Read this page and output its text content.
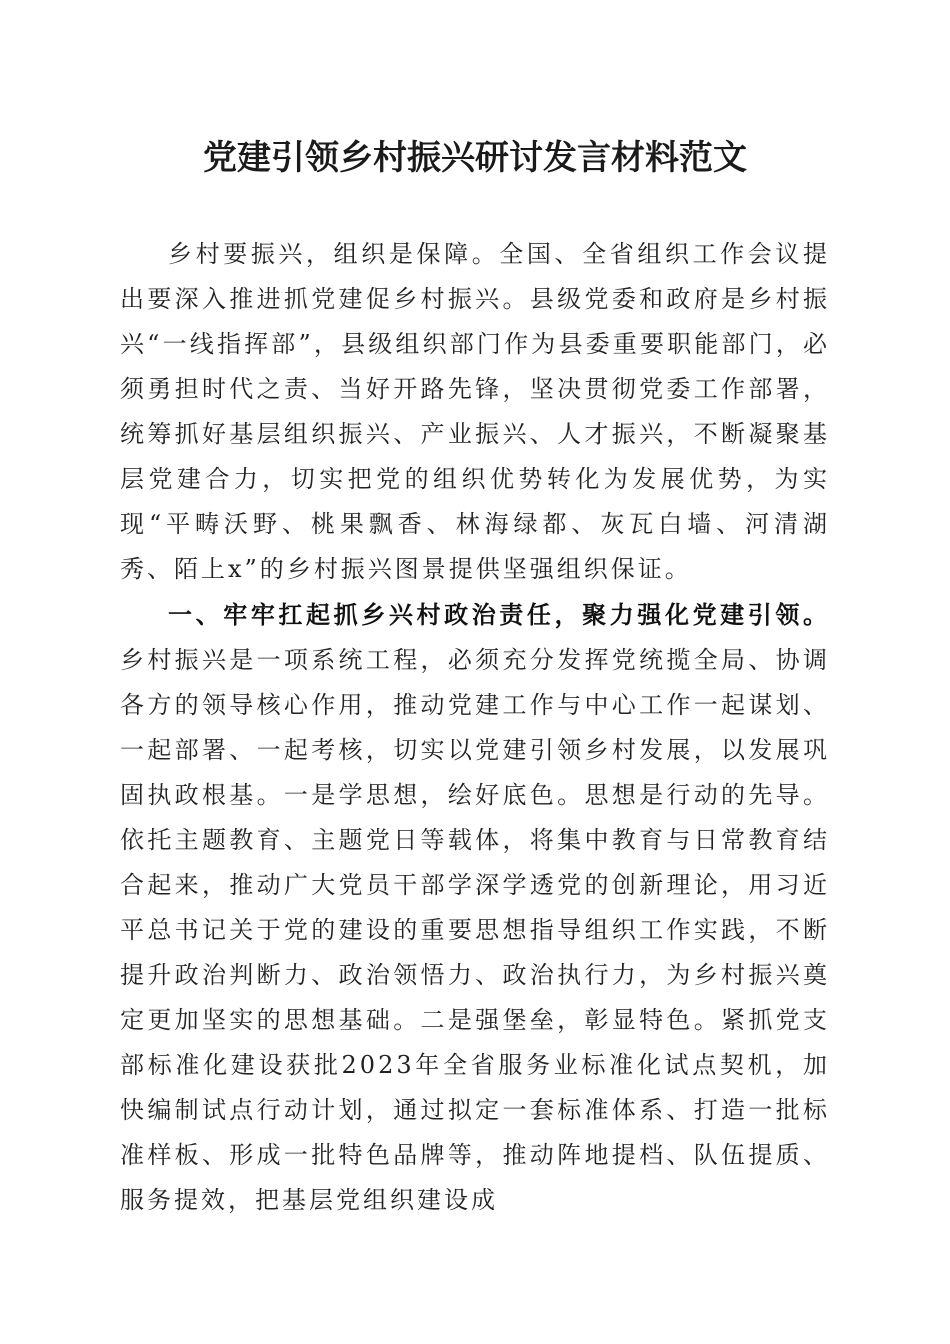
党建引领乡村振兴研讨发言材料范文

乡村要振兴，组织是保障。全国、全省组织工作会议提出要深入推进抓党建促乡村振兴。县级党委和政府是乡村振兴“一线指挥部”，县级组织部门作为县委重要职能部门，必须勇担时代之责、当好开路先锋，坚决贯彻党委工作部署，统筹抓好基层组织振兴、产业振兴、人才振兴，不断凝聚基层党建合力，切实把党的组织优势转化为发展优势，为实现“平畴沃野、桃果飘香、林海绿都、灰瓦白墙、河清湖秀、陌上x”的乡村振兴图景提供坚强组织保证。

一、牢牢扛起抓乡兴村政治责任，聚力强化党建引领。乡村振兴是一项系统工程，必须充分发挥党统揽全局、协调各方的领导核心作用，推动党建工作与中心工作一起谋划、一起部署、一起考核，切实以党建引领乡村发展，以发展巩固执政根基。一是学思想，绘好底色。思想是行动的先导。依托主题教育、主题党日等载体，将集中教育与日常教育结合起来，推动广大党员干部学深学透党的创新理论，用习近平总书记关于党的建设的重要思想指导组织工作实践，不断提升政治判断力、政治领悟力、政治执行力，为乡村振兴奠定更加坚实的思想基础。二是强堡垒，彰显特色。紧抓党支部标准化建设获批2023年全省服务业标准化试点契机，加快编制试点行动计划，通过拟定一套标准体系、打造一批标准样板、形成一批特色品牌等，推动阵地提档、队伍提质、服务提效，把基层党组织建设成
